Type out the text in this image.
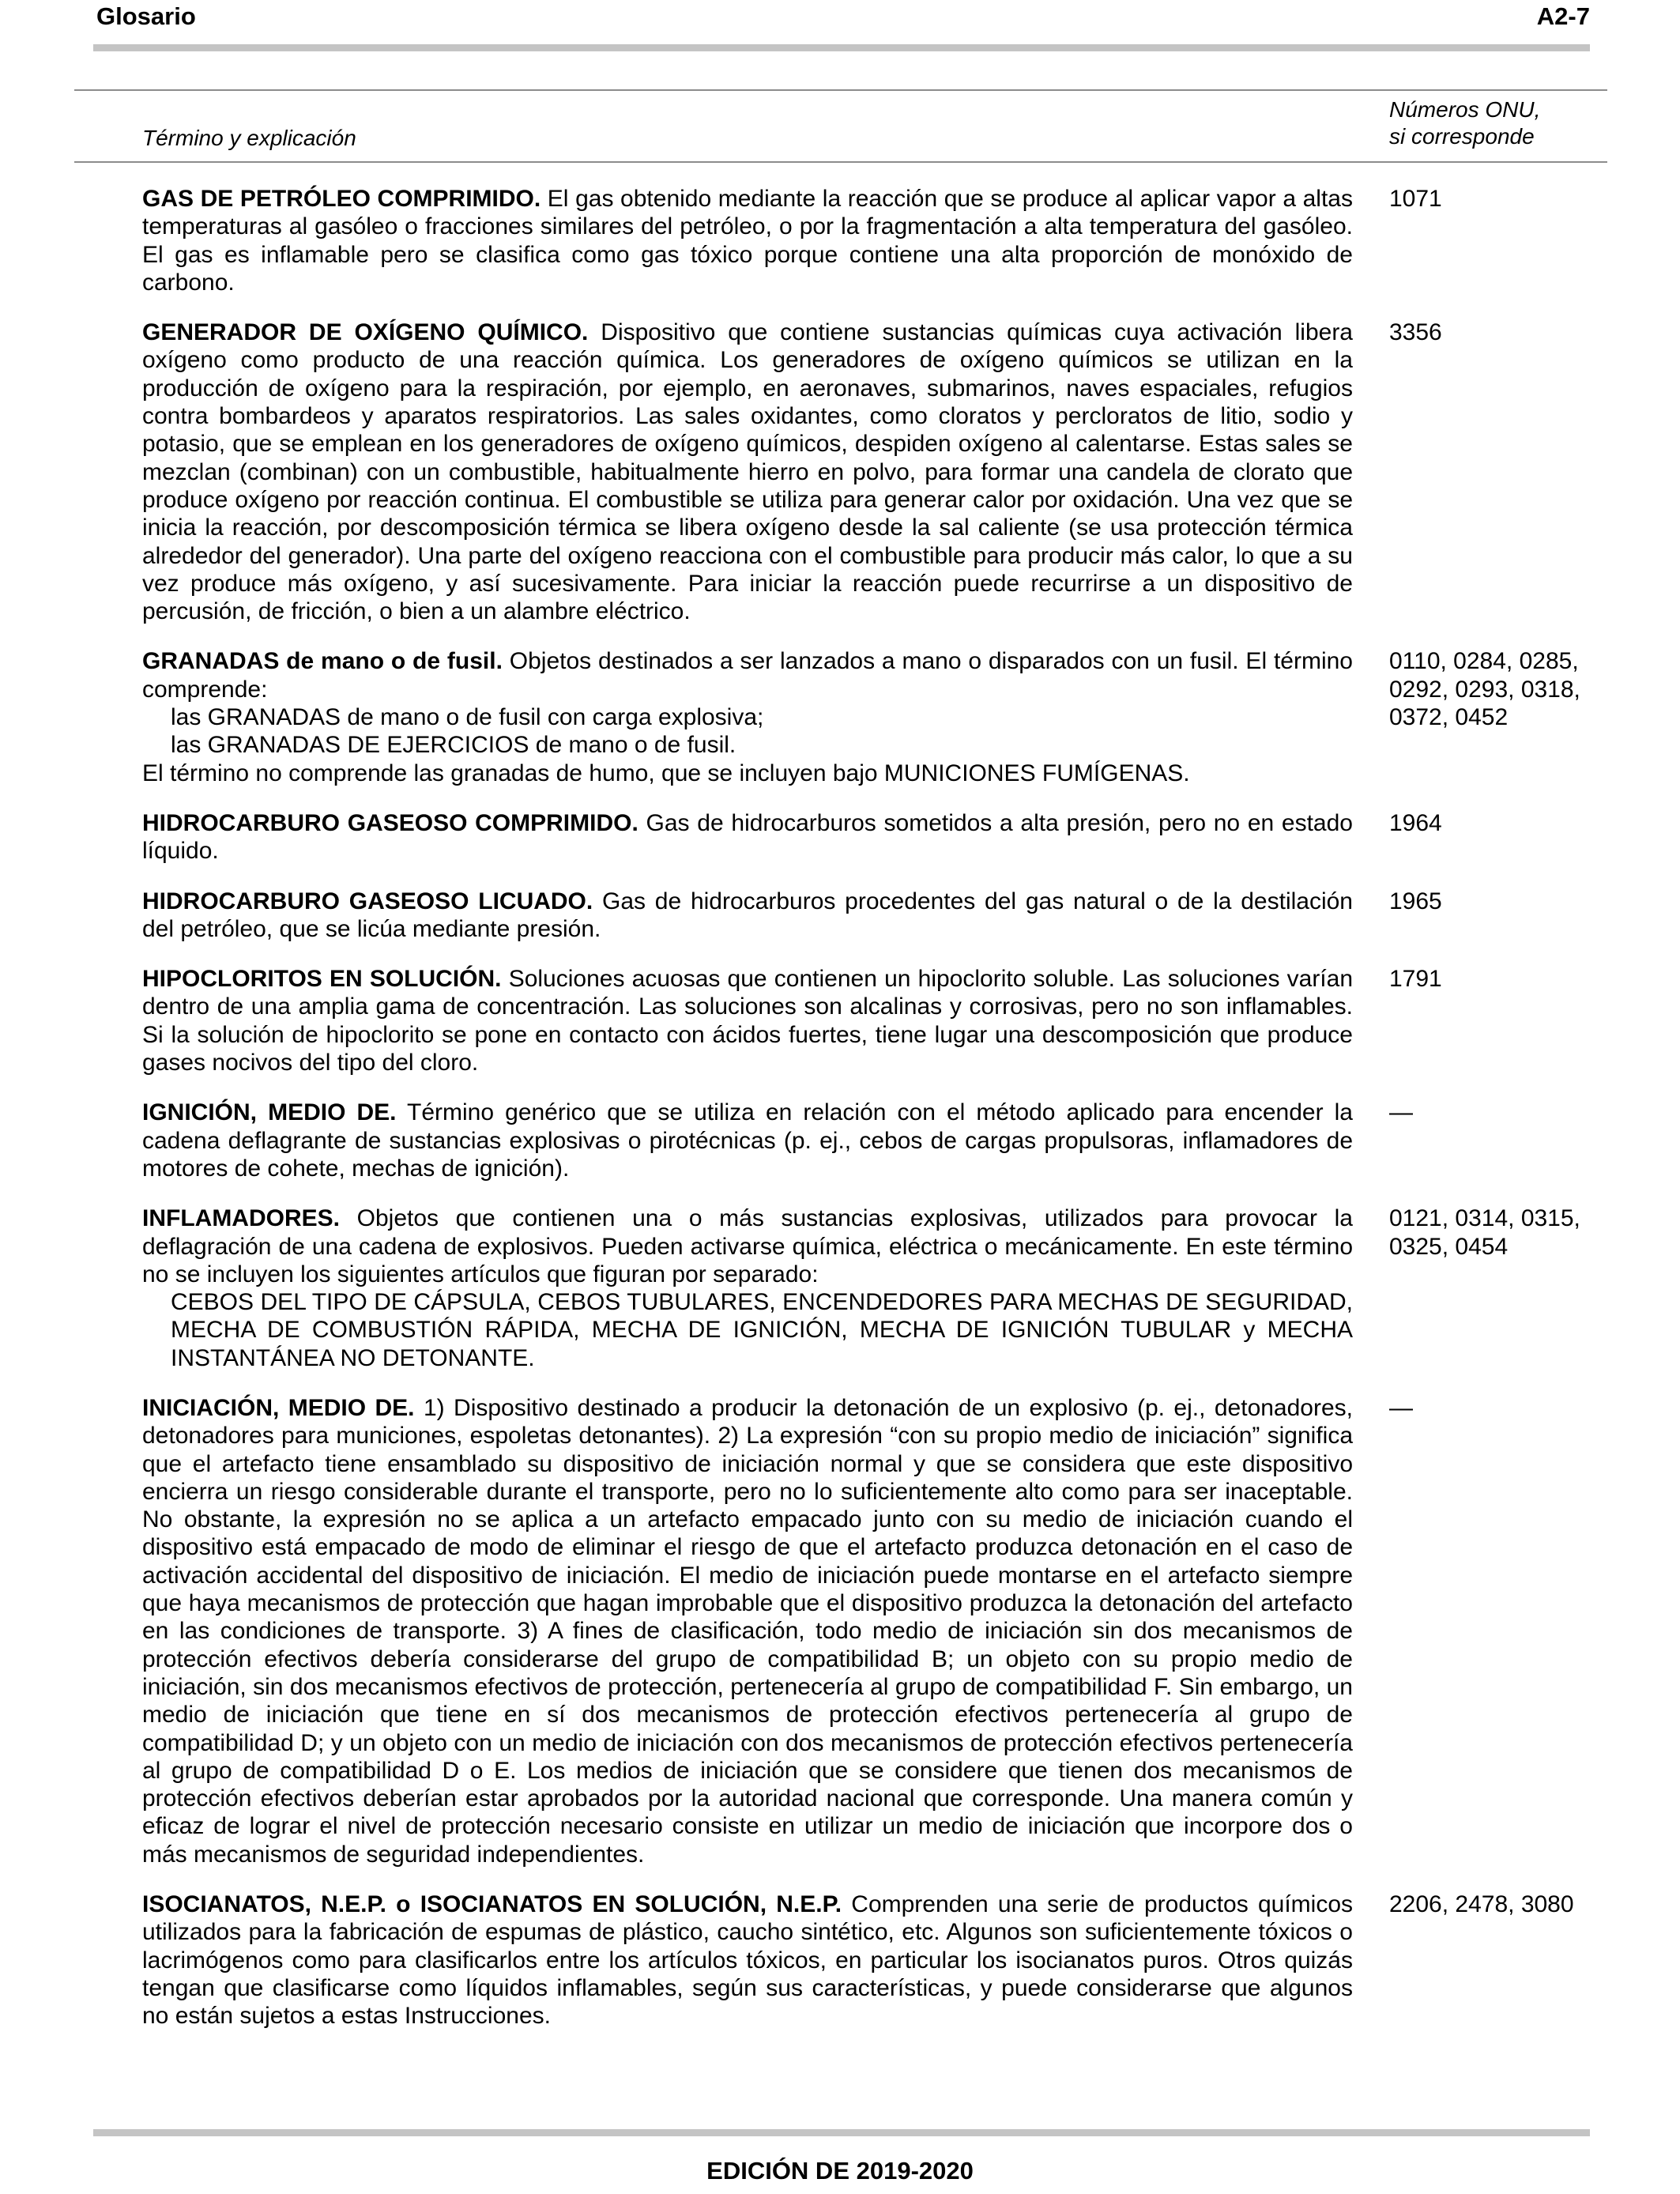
Glosario	A2-7
Término y explicación
Números ONU,
si corresponde

GAS DE PETRÓLEO COMPRIMIDO. El gas obtenido mediante la reacción que se produce al aplicar vapor a altas temperaturas al gasóleo o fracciones similares del petróleo, o por la fragmentación a alta temperatura del gasóleo. El gas es inflamable pero se clasifica como gas tóxico porque contiene una alta proporción de monóxido de carbono.

1071

GENERADOR DE OXÍGENO QUÍMICO. Dispositivo que contiene sustancias químicas cuya activación libera oxígeno como producto de una reacción química. Los generadores de oxígeno químicos se utilizan en la producción de oxígeno para la respiración, por ejemplo, en aeronaves, submarinos, naves espaciales, refugios contra bombardeos y aparatos respiratorios. Las sales oxidantes, como cloratos y percloratos de litio, sodio y potasio, que se emplean en los generadores de oxígeno químicos, despiden oxígeno al calentarse. Estas sales se mezclan (combinan) con un combustible, habitualmente hierro en polvo, para formar una candela de clorato que produce oxígeno por reacción continua. El combustible se utiliza para generar calor por oxidación. Una vez que se inicia la reacción, por descomposición térmica se libera oxígeno desde la sal caliente (se usa protección térmica alrededor del generador). Una parte del oxígeno reacciona con el combustible para producir más calor, lo que a su vez produce más oxígeno, y así sucesivamente. Para iniciar la reacción puede recurrirse a un dispositivo de percusión, de fricción, o bien a un alambre eléctrico.

3356

GRANADAS de mano o de fusil. Objetos destinados a ser lanzados a mano o disparados con un fusil. El término comprende:

las GRANADAS de mano o de fusil con carga explosiva;

las GRANADAS DE EJERCICIOS de mano o de fusil.

El término no comprende las granadas de humo, que se incluyen bajo MUNICIONES FUMÍGENAS.

0110, 0284, 0285,
0292, 0293, 0318,
0372, 0452

HIDROCARBURO GASEOSO COMPRIMIDO. Gas de hidrocarburos sometidos a alta presión, pero no en estado líquido.

1964

HIDROCARBURO GASEOSO LICUADO. Gas de hidrocarburos procedentes del gas natural o de la destilación del petróleo, que se licúa mediante presión.

1965

HIPOCLORITOS EN SOLUCIÓN. Soluciones acuosas que contienen un hipoclorito soluble. Las soluciones varían dentro de una amplia gama de concentración. Las soluciones son alcalinas y corrosivas, pero no son inflamables. Si la solución de hipoclorito se pone en contacto con ácidos fuertes, tiene lugar una descomposición que produce gases nocivos del tipo del cloro.

1791

IGNICIÓN, MEDIO DE. Término genérico que se utiliza en relación con el método aplicado para encender la cadena deflagrante de sustancias explosivas o pirotécnicas (p. ej., cebos de cargas propulsoras, inflamadores de motores de cohete, mechas de ignición).

—

INFLAMADORES. Objetos que contienen una o más sustancias explosivas, utilizados para provocar la deflagración de una cadena de explosivos. Pueden activarse química, eléctrica o mecánicamente. En este término no se incluyen los siguientes artículos que figuran por separado:

CEBOS DEL TIPO DE CÁPSULA, CEBOS TUBULARES, ENCENDEDORES PARA MECHAS DE SEGURIDAD, MECHA DE COMBUSTIÓN RÁPIDA, MECHA DE IGNICIÓN, MECHA DE IGNICIÓN TUBULAR y MECHA INSTANTÁNEA NO DETONANTE.

0121, 0314, 0315,
0325, 0454

INICIACIÓN, MEDIO DE. 1) Dispositivo destinado a producir la detonación de un explosivo (p. ej., detonadores, detonadores para municiones, espoletas detonantes). 2) La expresión “con su propio medio de iniciación” significa que el artefacto tiene ensamblado su dispositivo de iniciación normal y que se considera que este dispositivo encierra un riesgo considerable durante el transporte, pero no lo suficientemente alto como para ser inaceptable. No obstante, la expresión no se aplica a un artefacto empacado junto con su medio de iniciación cuando el dispositivo está empacado de modo de eliminar el riesgo de que el artefacto produzca detonación en el caso de activación accidental del dispositivo de iniciación. El medio de iniciación puede montarse en el artefacto siempre que haya mecanismos de protección que hagan improbable que el dispositivo produzca la detonación del artefacto en las condiciones de transporte. 3) A fines de clasificación, todo medio de iniciación sin dos mecanismos de protección efectivos debería considerarse del grupo de compatibilidad B; un objeto con su propio medio de iniciación, sin dos mecanismos efectivos de protección, pertenecería al grupo de compatibilidad F. Sin embargo, un medio de iniciación que tiene en sí dos mecanismos de protección efectivos pertenecería al grupo de compatibilidad D; y un objeto con un medio de iniciación con dos mecanismos de protección efectivos pertenecería al grupo de compatibilidad D o E. Los medios de iniciación que se considere que tienen dos mecanismos de protección efectivos deberían estar aprobados por la autoridad nacional que corresponde. Una manera común y eficaz de lograr el nivel de protección necesario consiste en utilizar un medio de iniciación que incorpore dos o más mecanismos de seguridad independientes.

—

ISOCIANATOS, N.E.P. o ISOCIANATOS EN SOLUCIÓN, N.E.P. Comprenden una serie de productos químicos utilizados para la fabricación de espumas de plástico, caucho sintético, etc. Algunos son suficientemente tóxicos o lacrimógenos como para clasificarlos entre los artículos tóxicos, en particular los isocianatos puros. Otros quizás tengan que clasificarse como líquidos inflamables, según sus características, y puede considerarse que algunos no están sujetos a estas Instrucciones.

2206, 2478, 3080
EDICIÓN DE 2019-2020
